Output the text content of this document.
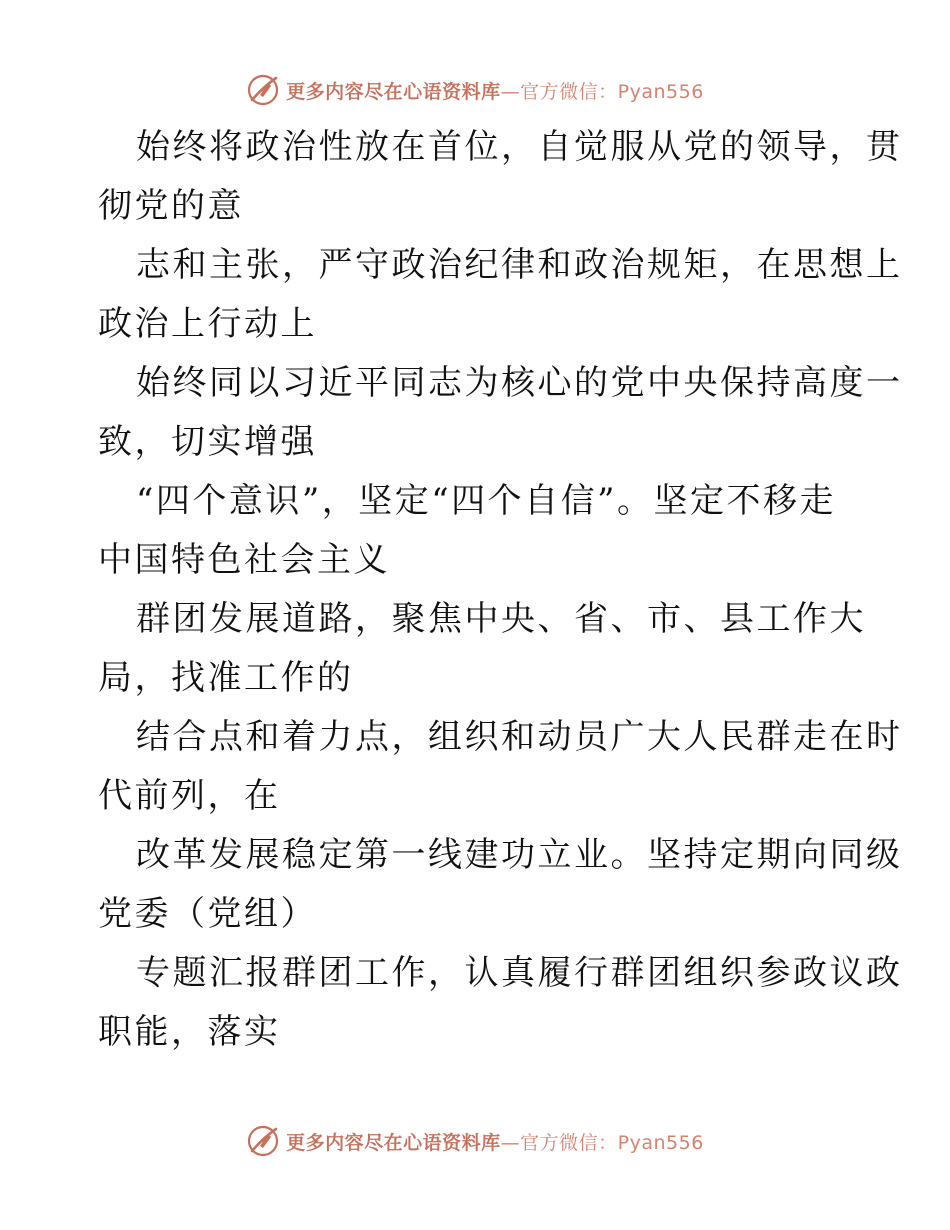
更多内容尽在心语资料库—官方微信：Pyan556
始终将政治性放在首位，自觉服从党的领导，贯
彻党的意
志和主张，严守政治纪律和政治规矩，在思想上
政治上行动上
始终同以习近平同志为核心的党中央保持高度一
致，切实增强
“四个意识”，坚定“四个自信”。坚定不移走
中国特色社会主义
群团发展道路，聚焦中央、省、市、县工作大
局，找准工作的
结合点和着力点，组织和动员广大人民群走在时
代前列，在
改革发展稳定第一线建功立业。坚持定期向同级
党委（党组）
专题汇报群团工作，认真履行群团组织参政议政
职能，落实
更多内容尽在心语资料库—官方微信：Pyan556
